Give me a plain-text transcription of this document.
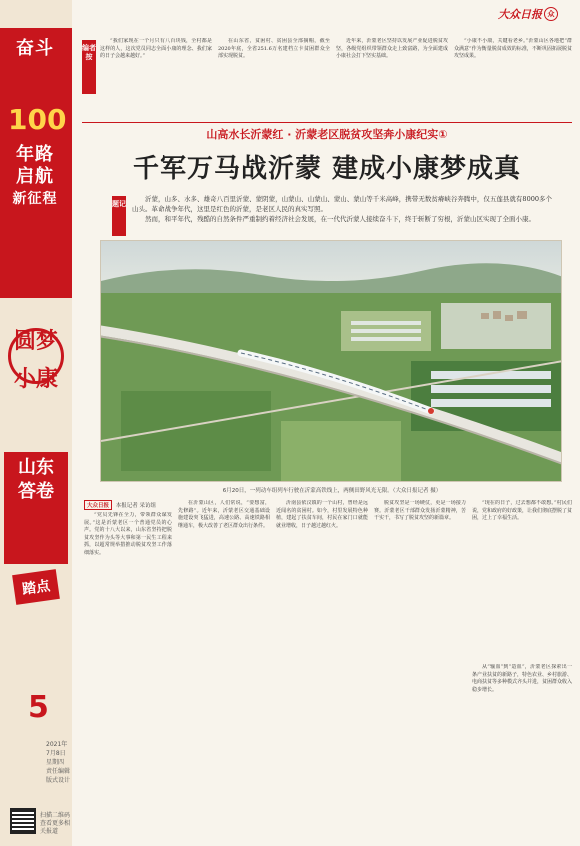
大众日报 众
奋斗
100
年路
启航
新征程
圆梦
小康
山东
答卷
踏点
5
2021年7月8日 星期四 责任编辑 版式设计
扫描二维码 查看更多相关报道
编者按

“我们家现在一个月只有八百块钱，全村都是这样的人，这次党员同志全面小康的理念、我们家的日子会越来越好。”

在山东省，贫困村、贫困县全部摘帽，截至2020年底，全省251.6万名建档立卡贫困群众全部实现脱贫。

近年来，沂蒙老区坚持以发展产业促进脱贫攻坚，各级党组织带领群众走上致富路，为全面建成小康社会打下坚实基础。

“小康不小康，关键看老乡。”沂蒙山区各地把“群众满意”作为衡量脱贫成效的标准，不断巩固拓展脱贫攻坚成果。

山高水长沂蒙红 · 沂蒙老区脱贫攻坚奔小康纪实①
千军万马战沂蒙 建成小康梦成真
题记

沂蒙，山多、水多、雄奇八百里沂蒙、蒙阴蒙，山蒙山、山蒙山、蒙山、蒙山等千米高峰，携带无数贫瘠峡谷奔腾中，仅五莲县就有8000多个山头。革命战争年代，这里是红色的沂蒙，是老区人民的真实写照。

然而，和平年代，残酷的自然条件严重制约着经济社会发展，在一代代沂蒙人接续奋斗下，终于斩断了穷根，沂蒙山区实现了全面小康。

6月20日，一列动车组列车行驶在沂蒙高铁线上，两侧田野风光无限。（大众日报记者 摄）
大众日报 本报记者 采访组

“党员先锋在全力，带领群众谋发展。”这是沂蒙老区一个普通党员的心声。党的十八大以来，山东省坚持把脱贫攻坚作为头等大事和第一民生工程来抓，以超常规举措推动脱贫攻坚工作落细落实。

在沂蒙山区，人们常说，“要想富，先修路”。近年来，沂蒙老区交通基础设施建设突飞猛进，高速公路、高速铁路相继通车，极大改善了老区群众出行条件。

沂南县依汶镇的一个山村，曾经是远近闻名的贫困村。如今，村里发展特色种植，建起了扶贫车间，村民在家门口就能就业增收，日子越过越红火。

脱贫攻坚是一场硬仗，更是一场接力赛。沂蒙老区干部群众发扬沂蒙精神，苦干实干，书写了脱贫攻坚的新篇章。

“现在的日子，过去想都不敢想。”村民们说，党和政府的好政策，让我们彻底摆脱了贫困，过上了幸福生活。

从“输血”到“造血”，沂蒙老区探索出一条产业扶贫的新路子，特色农业、乡村旅游、电商扶贫等多种模式齐头并进，贫困群众收入稳步增长。
